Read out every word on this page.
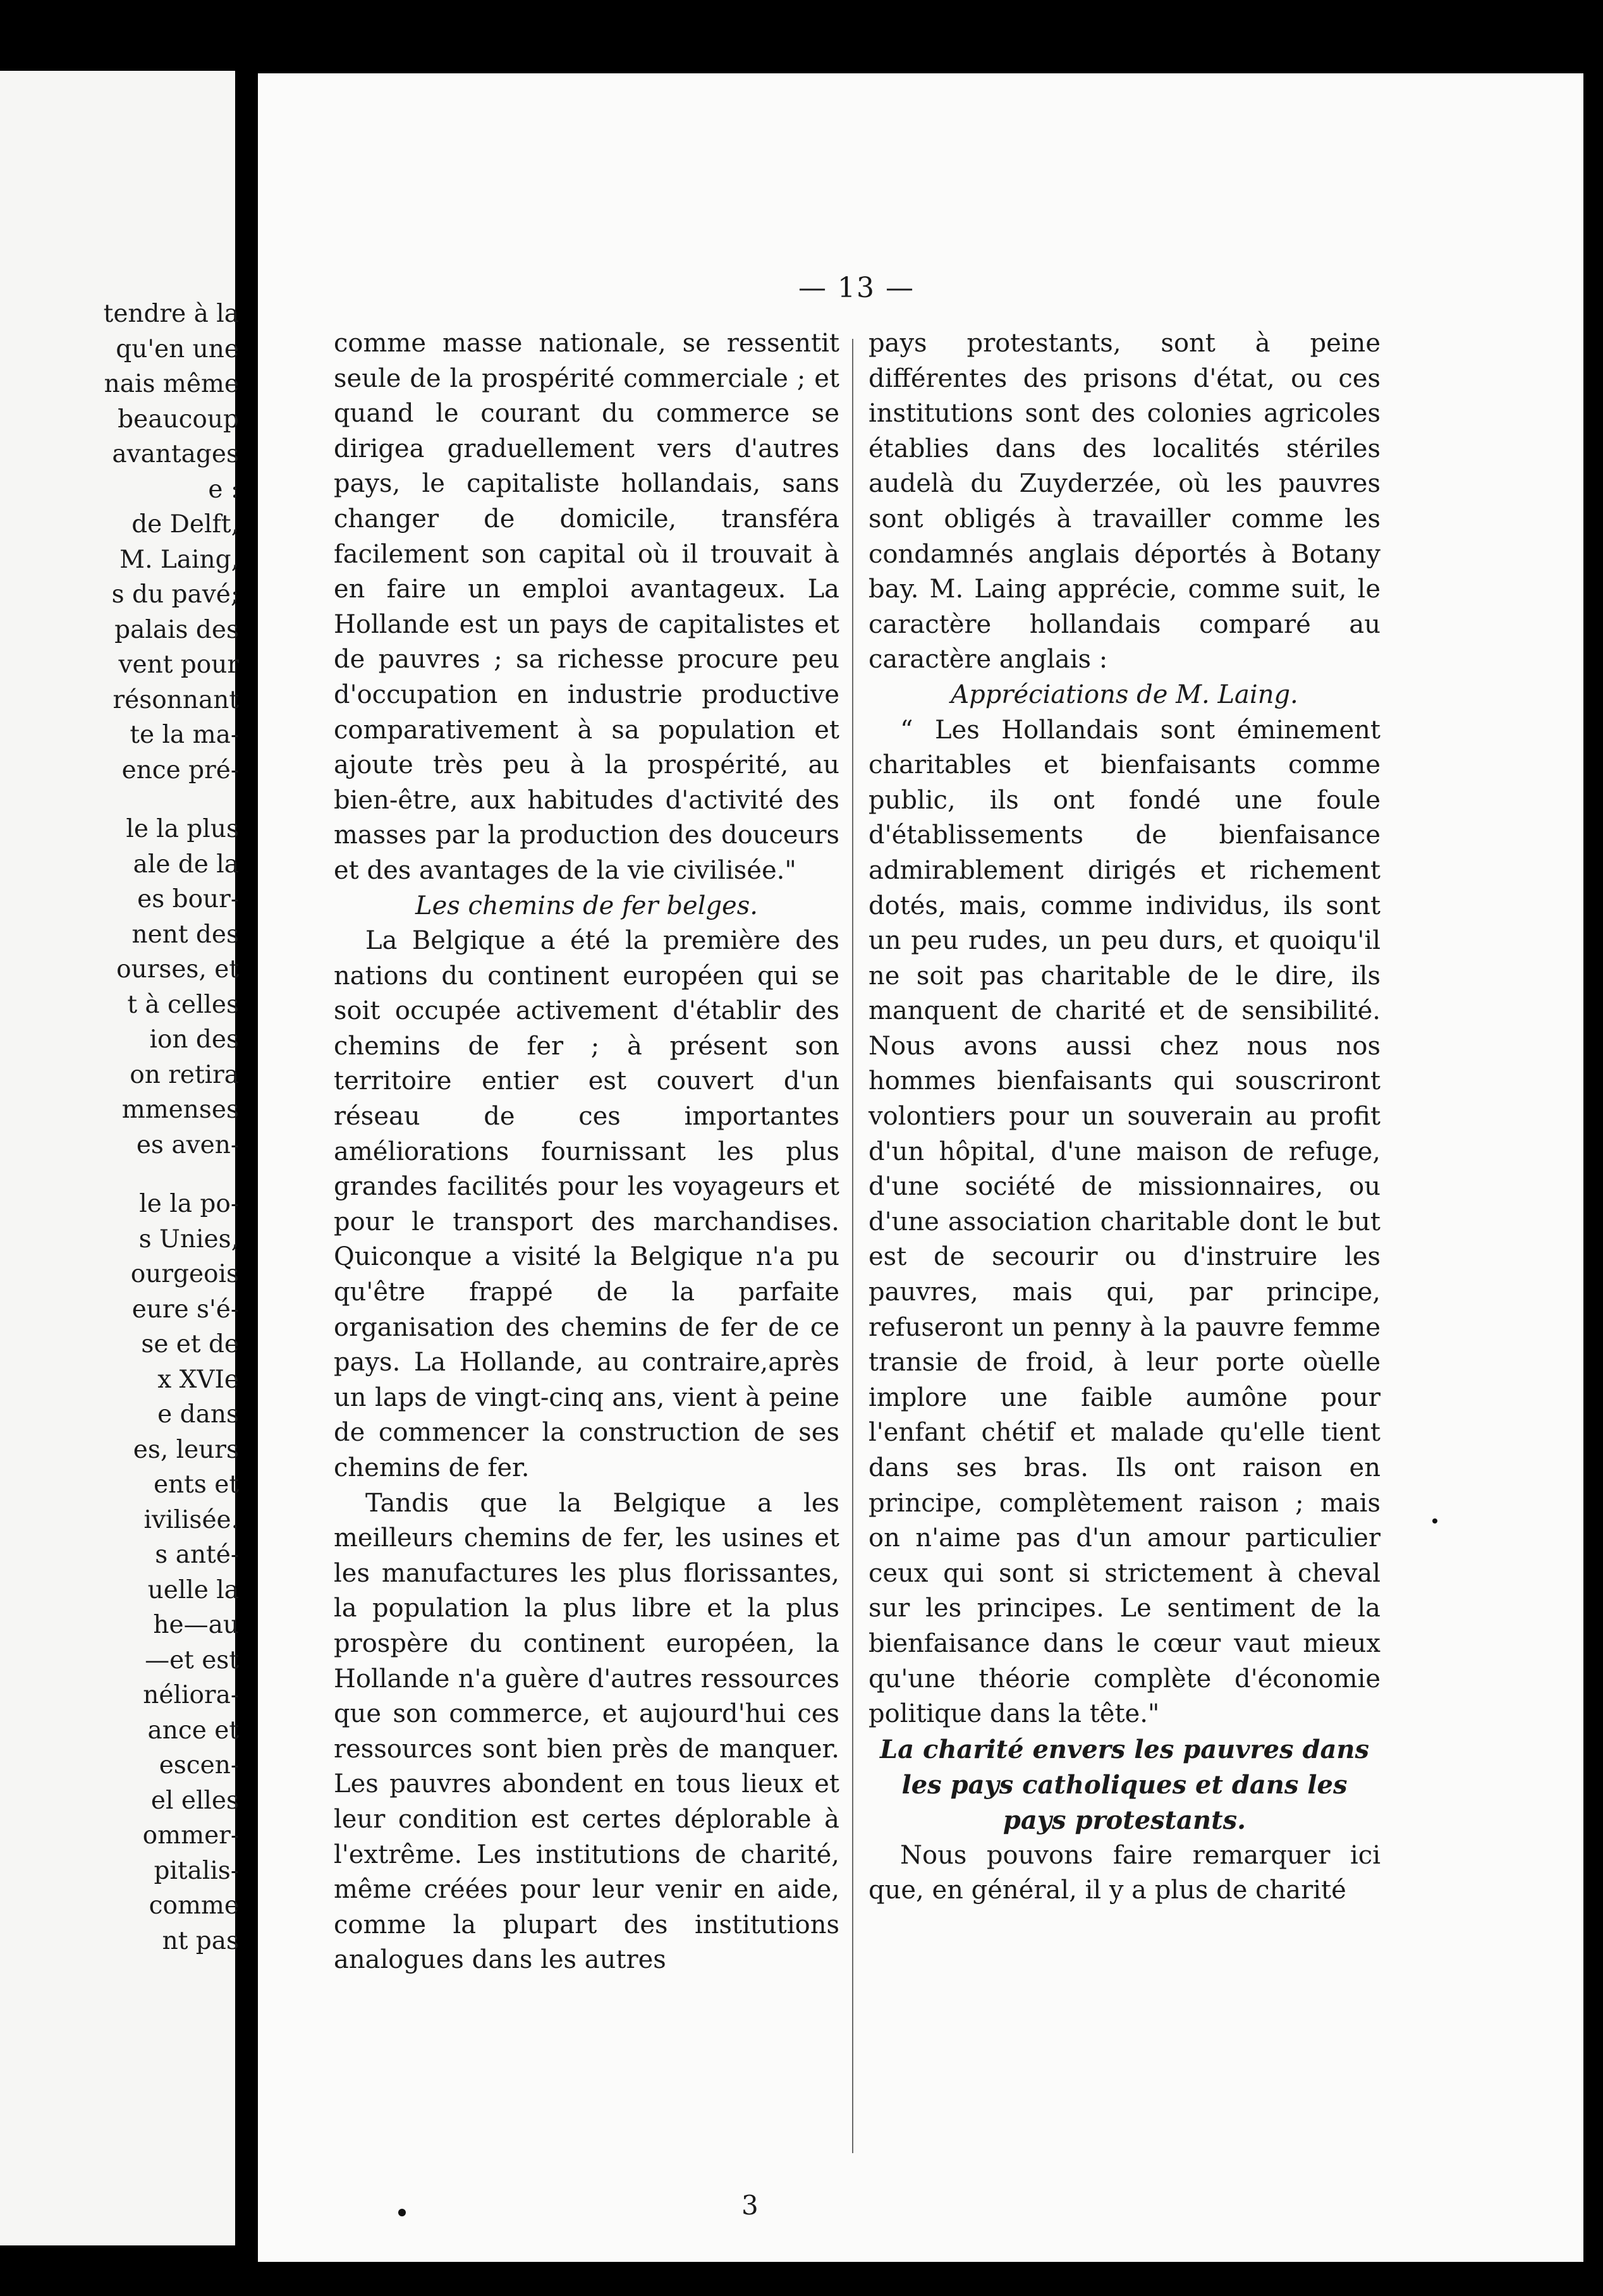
tendre à la
qu'en une
nais même
beaucoup
avantages
e :
de Delft,
M. Laing,
s du pavé;
palais des
vent pour
résonnant
te la ma-
ence pré-
le la plus
ale de la
es bour-
nent des
ourses, et
t à celles
ion des
on retira
mmenses
es aven-
le la po-
s Unies,
ourgeois
eure s'é-
se et de
x XVIe
e dans
es, leurs
ents et
ivilisée.
s anté-
uelle la
he—au
—et est
néliora-
ance et
escen-
el elles
ommer-
pitalis-
comme
nt pas
— 13 —

comme masse nationale, se ressentit seule de la prospérité commerciale ; et quand le courant du commerce se dirigea graduellement vers d'autres pays, le capitaliste hollandais, sans changer de domicile, transféra facilement son capital où il trouvait à en faire un emploi avantageux. La Hollande est un pays de capitalistes et de pauvres ; sa richesse procure peu d'occupation en industrie productive comparativement à sa population et ajoute très peu à la prospérité, au bien-être, aux habitudes d'activité des masses par la production des douceurs et des avantages de la vie civilisée."

Les chemins de fer belges.

La Belgique a été la première des nations du continent européen qui se soit occupée activement d'établir des chemins de fer ; à présent son territoire entier est couvert d'un réseau de ces importantes améliorations fournissant les plus grandes facilités pour les voyageurs et pour le transport des marchandises. Quiconque a visité la Belgique n'a pu qu'être frappé de la parfaite organisation des chemins de fer de ce pays. La Hollande, au contraire,après un laps de vingt-cinq ans, vient à peine de commencer la construction de ses chemins de fer.

Tandis que la Belgique a les meilleurs chemins de fer, les usines et les manufactures les plus florissantes, la population la plus libre et la plus prospère du continent européen, la Hollande n'a guère d'autres ressources que son commerce, et aujourd'hui ces ressources sont bien près de manquer. Les pauvres abondent en tous lieux et leur condition est certes déplorable à l'extrême. Les institutions de charité, même créées pour leur venir en aide, comme la plupart des institutions analogues dans les autres

pays protestants, sont à peine différentes des prisons d'état, ou ces institutions sont des colonies agricoles établies dans des localités stériles audelà du Zuyderzée, où les pauvres sont obligés à travailler comme les condamnés anglais déportés à Botany bay. M. Laing apprécie, comme suit, le caractère hollandais comparé au caractère anglais :

Appréciations de M. Laing.

“ Les Hollandais sont éminement charitables et bienfaisants comme public, ils ont fondé une foule d'établissements de bienfaisance admirablement dirigés et richement dotés, mais, comme individus, ils sont un peu rudes, un peu durs, et quoiqu'il ne soit pas charitable de le dire, ils manquent de charité et de sensibilité. Nous avons aussi chez nous nos hommes bienfaisants qui souscriront volontiers pour un souverain au profit d'un hôpital, d'une maison de refuge, d'une société de missionnaires, ou d'une association charitable dont le but est de secourir ou d'instruire les pauvres, mais qui, par principe, refuseront un penny à la pauvre femme transie de froid, à leur porte oùelle implore une faible aumône pour l'enfant chétif et malade qu'elle tient dans ses bras. Ils ont raison en principe, complètement raison ; mais on n'aime pas d'un amour particulier ceux qui sont si strictement à cheval sur les principes. Le sentiment de la bienfaisance dans le cœur vaut mieux qu'une théorie complète d'économie politique dans la tête."

La charité envers les pauvres dans les pays catholiques et dans les pays protestants.

Nous pouvons faire remarquer ici que, en général, il y a plus de charité

3
